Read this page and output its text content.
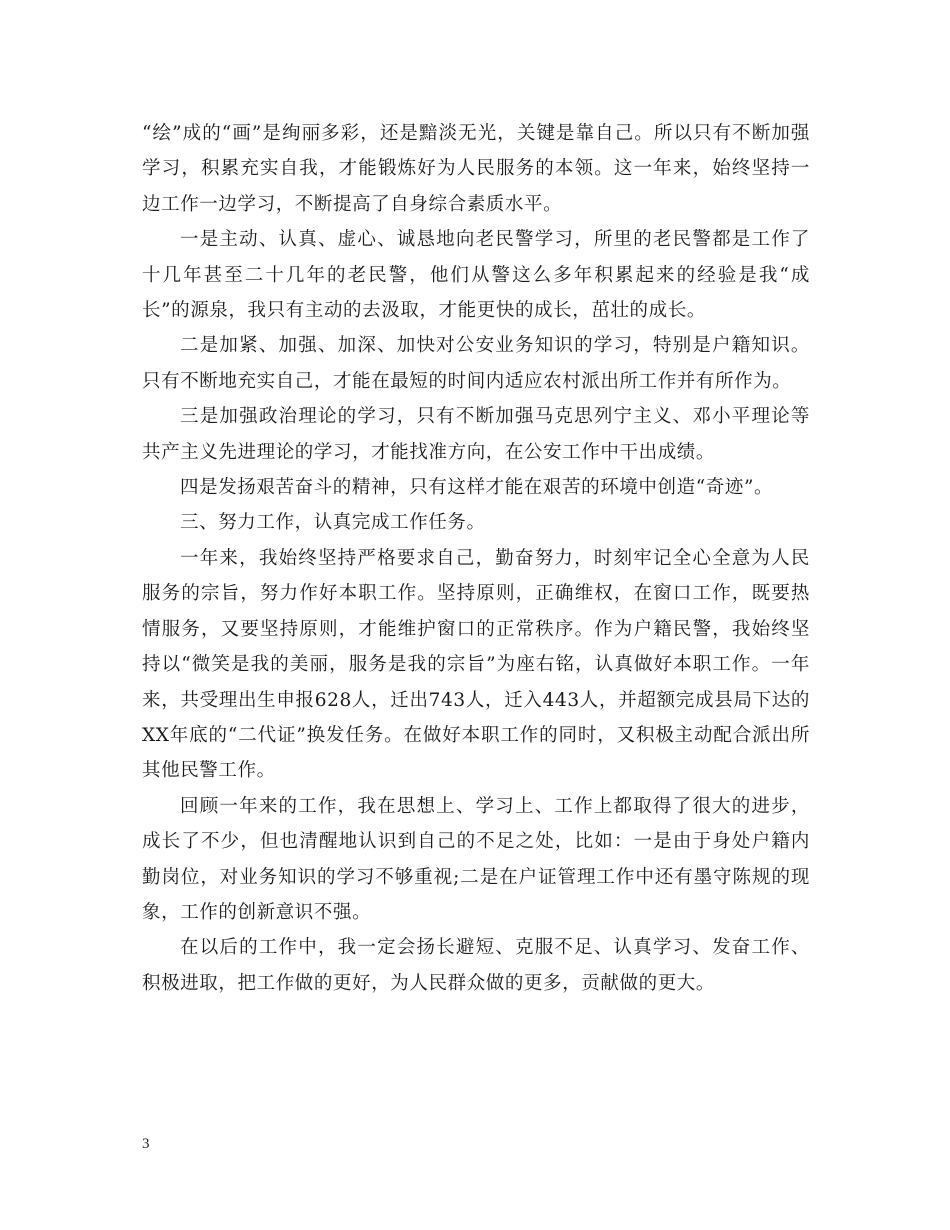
“绘”成的“画”是绚丽多彩，还是黯淡无光，关键是靠自己。所以只有不断加强学习，积累充实自我，才能锻炼好为人民服务的本领。这一年来，始终坚持一边工作一边学习，不断提高了自身综合素质水平。

一是主动、认真、虚心、诚恳地向老民警学习，所里的老民警都是工作了十几年甚至二十几年的老民警，他们从警这么多年积累起来的经验是我“成长”的源泉，我只有主动的去汲取，才能更快的成长，茁壮的成长。

二是加紧、加强、加深、加快对公安业务知识的学习，特别是户籍知识。只有不断地充实自己，才能在最短的时间内适应农村派出所工作并有所作为。

三是加强政治理论的学习，只有不断加强马克思列宁主义、邓小平理论等共产主义先进理论的学习，才能找准方向，在公安工作中干出成绩。

四是发扬艰苦奋斗的精神，只有这样才能在艰苦的环境中创造“奇迹”。

三、努力工作，认真完成工作任务。

一年来，我始终坚持严格要求自己，勤奋努力，时刻牢记全心全意为人民服务的宗旨，努力作好本职工作。坚持原则，正确维权，在窗口工作，既要热情服务，又要坚持原则，才能维护窗口的正常秩序。作为户籍民警，我始终坚持以“微笑是我的美丽，服务是我的宗旨”为座右铭，认真做好本职工作。一年来，共受理出生申报628人，迁出743人，迁入443人，并超额完成县局下达的XX年底的“二代证”换发任务。在做好本职工作的同时，又积极主动配合派出所其他民警工作。

回顾一年来的工作，我在思想上、学习上、工作上都取得了很大的进步，成长了不少，但也清醒地认识到自己的不足之处，比如：一是由于身处户籍内勤岗位，对业务知识的学习不够重视;二是在户证管理工作中还有墨守陈规的现象，工作的创新意识不强。

在以后的工作中，我一定会扬长避短、克服不足、认真学习、发奋工作、积极进取，把工作做的更好，为人民群众做的更多，贡献做的更大。

3
